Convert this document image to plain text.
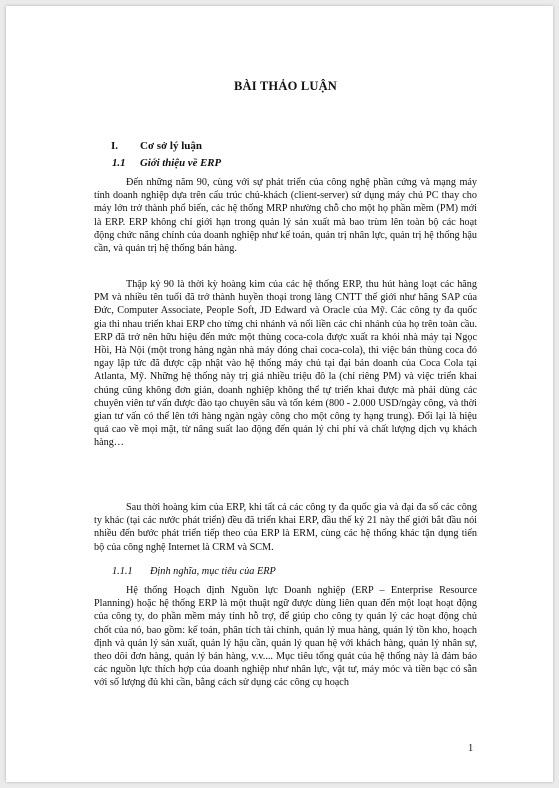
BÀI THẢO LUẬN
I. Cơ sở lý luận
1.1 Giới thiệu về ERP

Đến những năm 90, cùng với sự phát triển của công nghệ phần cứng và mạng máy tính doanh nghiệp dựa trên cấu trúc chủ-khách (client-server) sử dụng máy chủ PC thay cho máy lớn trở thành phổ biến, các hệ thống MRP nhường chỗ cho một họ phần mềm (PM) mới là ERP. ERP không chỉ giới hạn trong quản lý sản xuất mà bao trùm lên toàn bộ các hoạt động chức năng chính của doanh nghiệp như kế toán, quản trị nhân lực, quản trị hệ thống hậu cần, và quản trị hệ thống bán hàng.

Thập kỷ 90 là thời kỳ hoàng kim của các hệ thống ERP, thu hút hàng loạt các hãng PM và nhiều tên tuổi đã trở thành huyền thoại trong làng CNTT thế giới như hãng SAP của Đức, Computer Associate, People Soft, JD Edward và Oracle của Mỹ. Các công ty đa quốc gia thi nhau triển khai ERP cho từng chi nhánh và nối liền các chi nhánh của họ trên toàn cầu. ERP đã trở nên hữu hiệu đến mức một thùng coca-cola được xuất ra khỏi nhà máy tại Ngọc Hồi, Hà Nội (một trong hàng ngàn nhà máy đóng chai coca-cola), thì việc bán thùng coca đó ngay lập tức đã được cập nhật vào hệ thống máy chủ tại đại bản doanh của Coca Cola tại Atlanta, Mỹ. Những hệ thống này trị giá nhiều triệu đô la (chỉ riêng PM) và việc triển khai chúng cũng không đơn giản, doanh nghiệp không thể tự triển khai được mà phải dùng các chuyên viên tư vấn được đào tạo chuyên sâu và tốn kém (800 - 2.000 USD/ngày công, và thời gian tư vấn có thể lên tới hàng ngàn ngày công cho một công ty hạng trung). Đổi lại là hiệu quả cao về mọi mặt, từ nâng suất lao động đến quản lý chi phí và chất lượng dịch vụ khách hàng…

Sau thời hoàng kim của ERP, khi tất cả các công ty đa quốc gia và đại đa số các công ty khác (tại các nước phát triển) đều đã triển khai ERP, đầu thế kỷ 21 này thế giới bắt đầu nói nhiều đến bước phát triển tiếp theo của ERP là ERM, cùng các hệ thống khác tận dụng tiến bộ của công nghệ Internet là CRM và SCM.

1.1.1 Định nghĩa, mục tiêu của ERP

Hệ thống Hoạch định Nguồn lực Doanh nghiệp (ERP – Enterprise Resource Planning) hoặc hệ thống ERP là một thuật ngữ được dùng liên quan đến một loạt hoạt động của công ty, do phần mềm máy tính hỗ trợ, để giúp cho công ty quản lý các hoạt động chủ chốt của nó, bao gồm: kế toán, phân tích tài chính, quản lý mua hàng, quản lý tồn kho, hoạch định và quản lý sản xuất, quản lý hậu cần, quản lý quan hệ với khách hàng, quản lý nhân sự, theo dõi đơn hàng, quản lý bán hàng, v.v.... Mục tiêu tổng quát của hệ thống này là đảm bảo các nguồn lực thích hợp của doanh nghiệp như nhân lực, vật tư, máy móc và tiền bạc có sẵn với số lượng đủ khi cần, bằng cách sử dụng các công cụ hoạch

1
